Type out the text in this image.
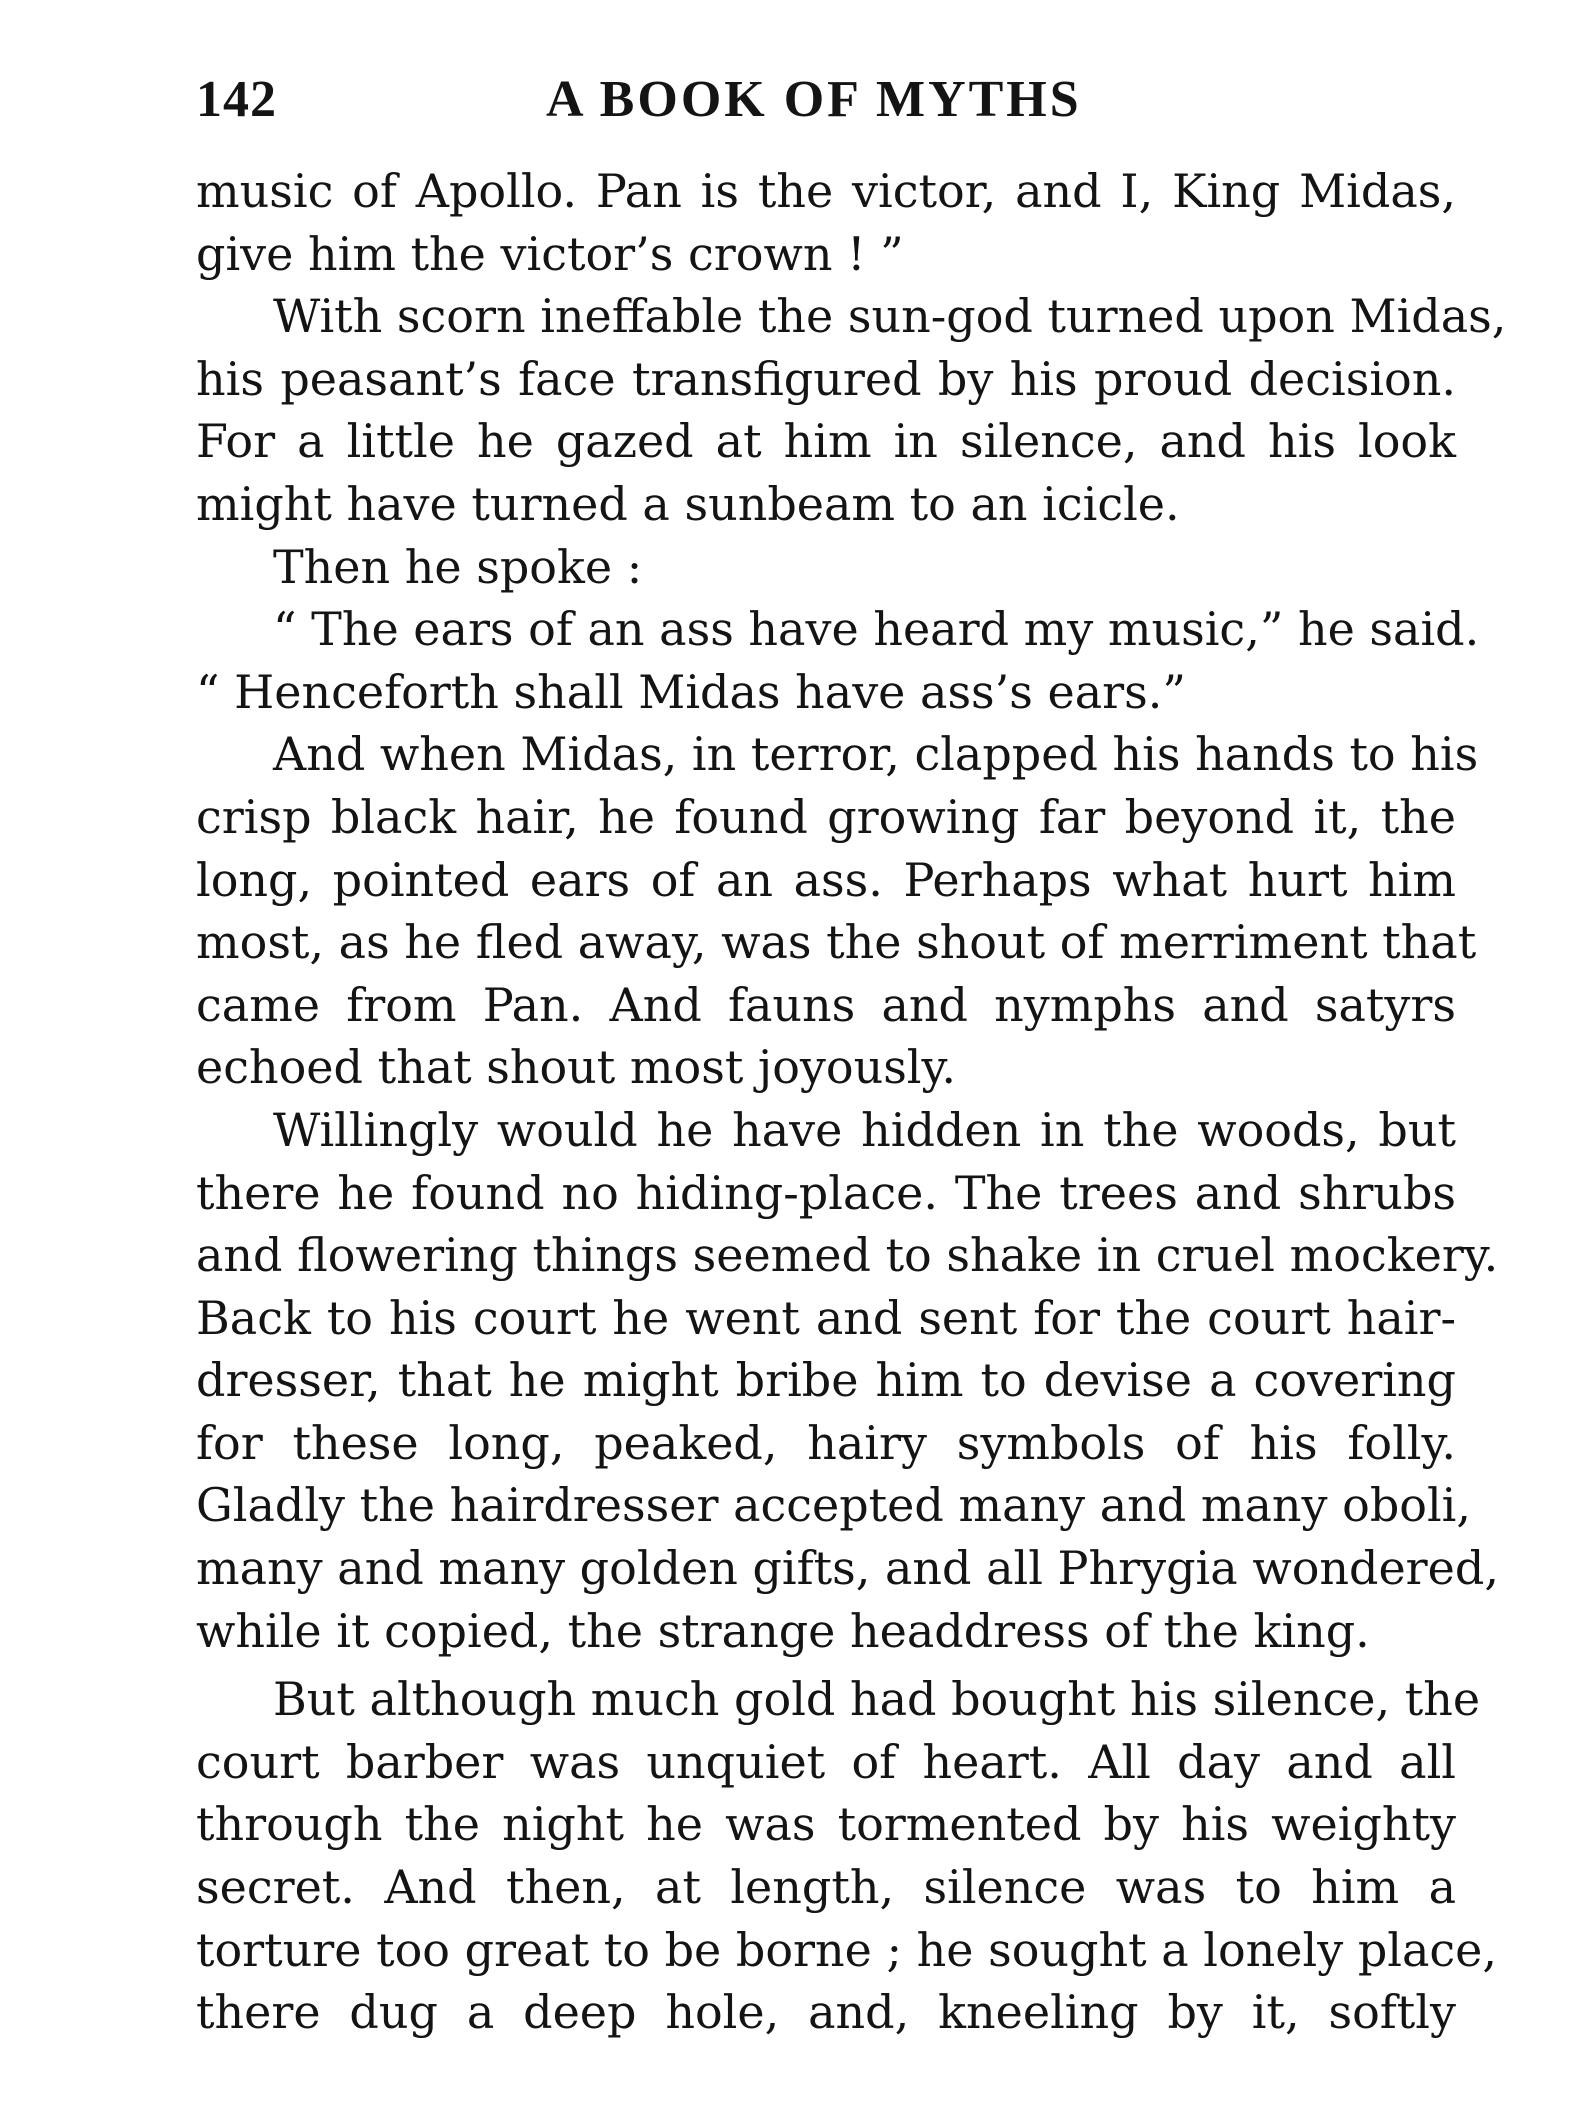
142	A BOOK OF MYTHS
music of Apollo. Pan is the victor, and I, King Midas,
give him the victor’s crown ! ”
With scorn ineffable the sun-god turned upon Midas,
his peasant’s face transfigured by his proud decision.
For a little he gazed at him in silence, and his look
might have turned a sunbeam to an icicle.
Then he spoke :
“ The ears of an ass have heard my music,” he said.
“ Henceforth shall Midas have ass’s ears.”
And when Midas, in terror, clapped his hands to his
crisp black hair, he found growing far beyond it, the
long, pointed ears of an ass. Perhaps what hurt him
most, as he fled away, was the shout of merriment that
came from Pan. And fauns and nymphs and satyrs
echoed that shout most joyously.
Willingly would he have hidden in the woods, but
there he found no hiding-place. The trees and shrubs
and flowering things seemed to shake in cruel mockery.
Back to his court he went and sent for the court hair-
dresser, that he might bribe him to devise a covering
for these long, peaked, hairy symbols of his folly.
Gladly the hairdresser accepted many and many oboli,
many and many golden gifts, and all Phrygia wondered,
while it copied, the strange headdress of the king.
But although much gold had bought his silence, the
court barber was unquiet of heart. All day and all
through the night he was tormented by his weighty
secret. And then, at length, silence was to him a
torture too great to be borne ; he sought a lonely place,
there dug a deep hole, and, kneeling by it, softly
